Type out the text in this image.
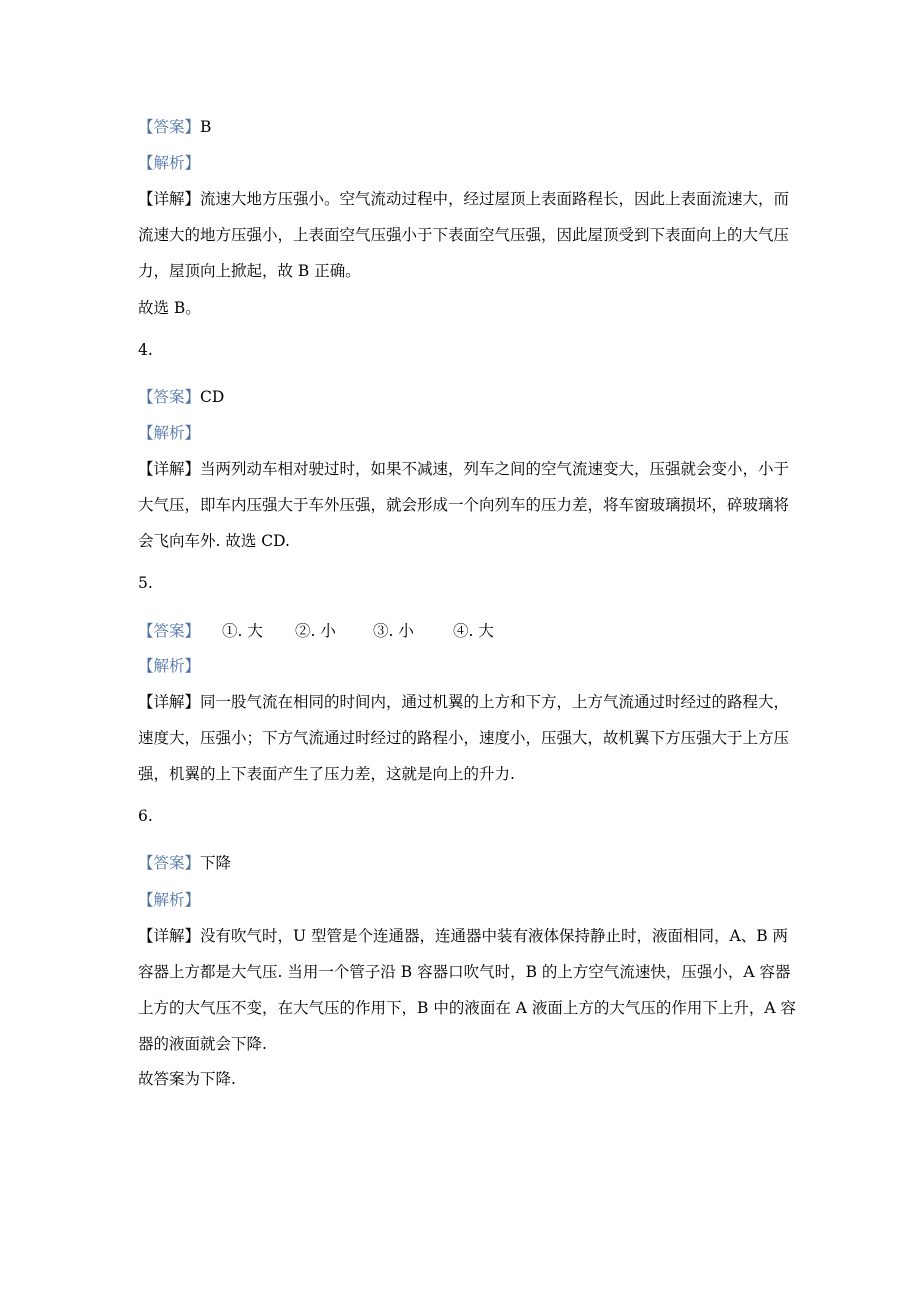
【答案】B
【解析】
【详解】流速大地方压强小。空气流动过程中，经过屋顶上表面路程长，因此上表面流速大，而
流速大的地方压强小，上表面空气压强小于下表面空气压强，因此屋顶受到下表面向上的大气压
力，屋顶向上掀起，故 B 正确。
故选 B。
4.
【答案】CD
【解析】
【详解】当两列动车相对驶过时，如果不减速，列车之间的空气流速变大，压强就会变小，小于
大气压，即车内压强大于车外压强，就会形成一个向列车的压力差，将车窗玻璃损坏，碎玻璃将
会飞向车外. 故选 CD.
5.
【答案】 ①. 大 ②. 小 ③. 小	④. 大
【解析】
【详解】同一股气流在相同的时间内，通过机翼的上方和下方，上方气流通过时经过的路程大，
速度大，压强小；下方气流通过时经过的路程小，速度小，压强大，故机翼下方压强大于上方压
强，机翼的上下表面产生了压力差，这就是向上的升力.
6.
【答案】下降
【解析】
【详解】没有吹气时，U 型管是个连通器，连通器中装有液体保持静止时，液面相同，A、B 两
容器上方都是大气压. 当用一个管子沿 B 容器口吹气时，B 的上方空气流速快，压强小，A 容器
上方的大气压不变，在大气压的作用下，B 中的液面在 A 液面上方的大气压的作用下上升，A 容
器的液面就会下降.
故答案为下降.
